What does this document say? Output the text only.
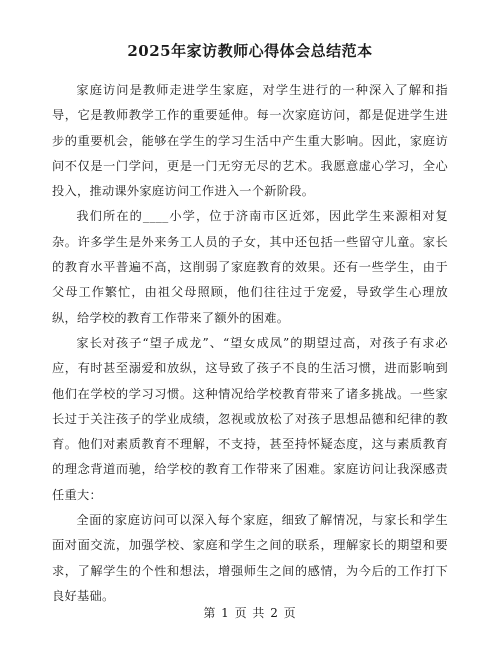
2025年家访教师心得体会总结范本

家庭访问是教师走进学生家庭，对学生进行的一种深入了解和指导，它是教师教学工作的重要延伸。每一次家庭访问，都是促进学生进步的重要机会，能够在学生的学习生活中产生重大影响。因此，家庭访问不仅是一门学问，更是一门无穷无尽的艺术。我愿意虚心学习，全心投入，推动课外家庭访问工作进入一个新阶段。

我们所在的____小学，位于济南市区近郊，因此学生来源相对复杂。许多学生是外来务工人员的子女，其中还包括一些留守儿童。家长的教育水平普遍不高，这削弱了家庭教育的效果。还有一些学生，由于父母工作繁忙，由祖父母照顾，他们往往过于宠爱，导致学生心理放纵，给学校的教育工作带来了额外的困难。

家长对孩子“望子成龙”、“望女成凤”的期望过高，对孩子有求必应，有时甚至溺爱和放纵，这导致了孩子不良的生活习惯，进而影响到他们在学校的学习习惯。这种情况给学校教育带来了诸多挑战。一些家长过于关注孩子的学业成绩，忽视或放松了对孩子思想品德和纪律的教育。他们对素质教育不理解，不支持，甚至持怀疑态度，这与素质教育的理念背道而驰，给学校的教育工作带来了困难。家庭访问让我深感责任重大：

全面的家庭访问可以深入每个家庭，细致了解情况，与家长和学生面对面交流，加强学校、家庭和学生之间的联系，理解家长的期望和要求，了解学生的个性和想法，增强师生之间的感情，为今后的工作打下良好基础。

第 1 页 共 2 页
